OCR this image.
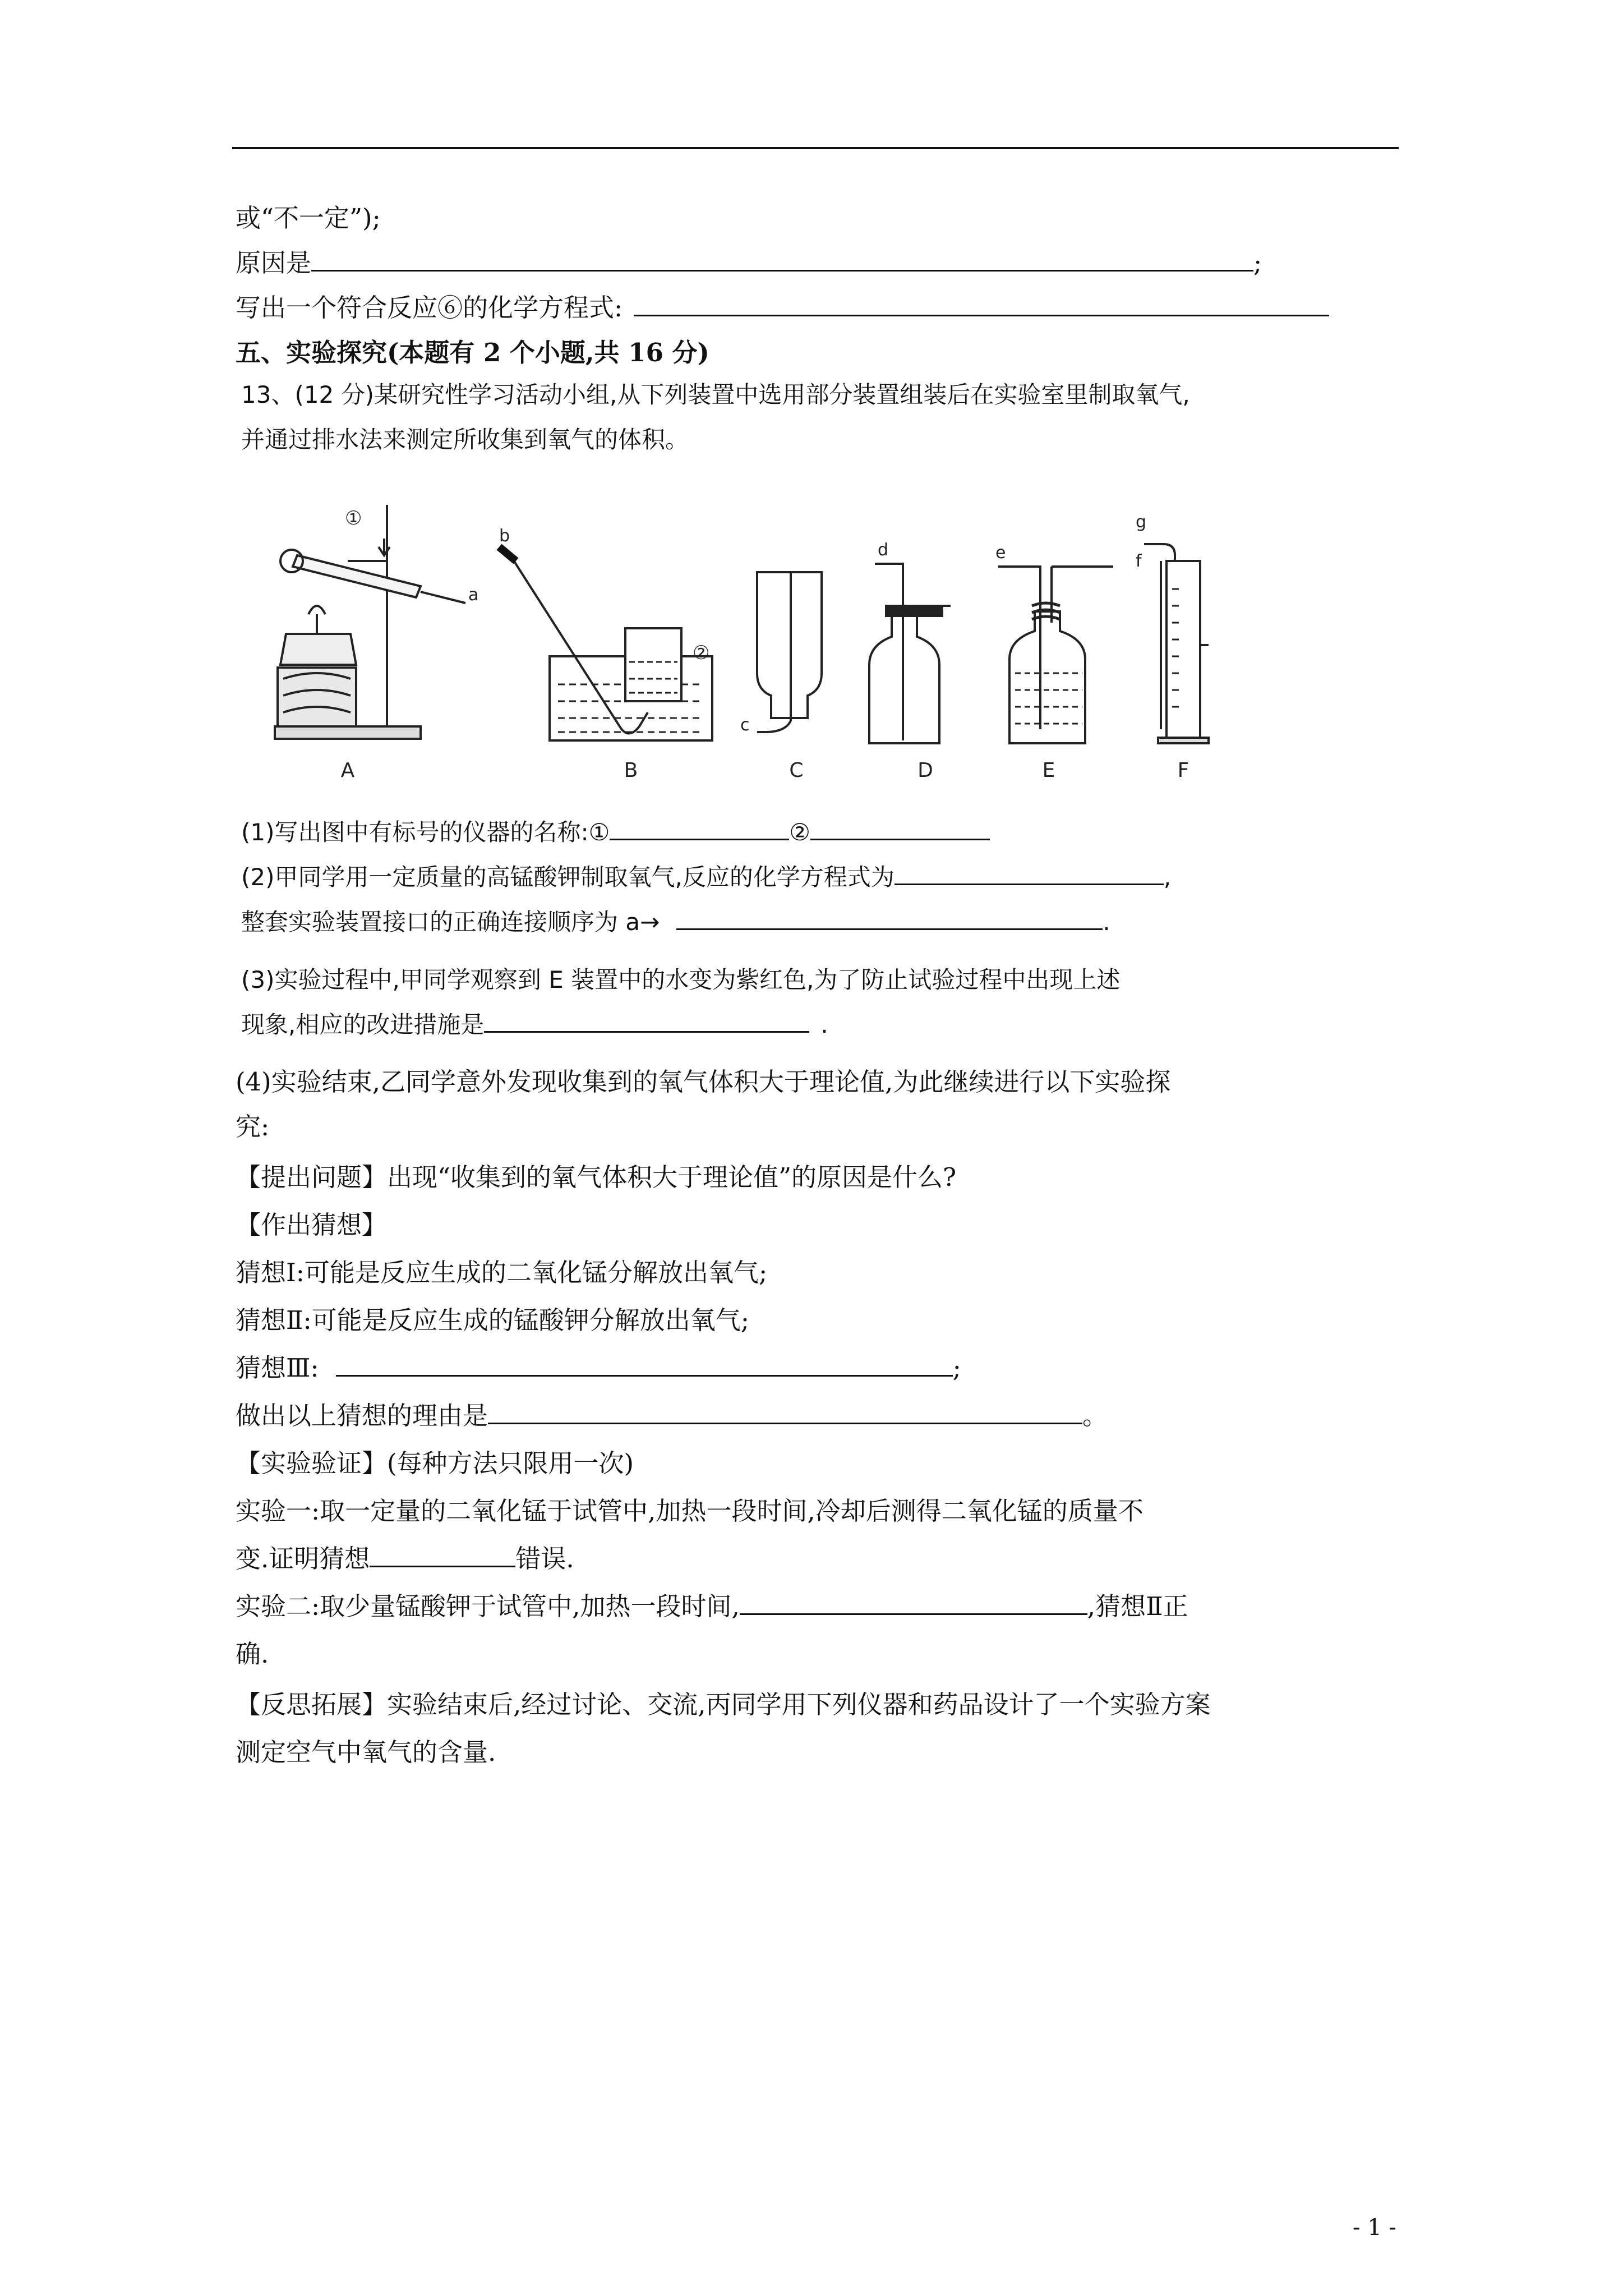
或“不一定”);
原因是	;
写出一个符合反应⑥的化学方程式:
五、实验探究(本题有 2 个小题,共 16 分)
13、(12 分)某研究性学习活动小组,从下列装置中选用部分装置组装后在实验室里制取氧气,
并通过排水法来测定所收集到氧气的体积。
a
b
c
d	e	f
g
①
②
A	B	C	D	E	F
(1)写出图中有标号的仪器的名称:①	②
(2)甲同学用一定质量的高锰酸钾制取氧气,反应的化学方程式为	,
整套实验装置接口的正确连接顺序为 a→	.
(3)实验过程中,甲同学观察到 E 装置中的水变为紫红色,为了防止试验过程中出现上述
现象,相应的改进措施是	.
(4)实验结束,乙同学意外发现收集到的氧气体积大于理论值,为此继续进行以下实验探
究:
【提出问题】出现“收集到的氧气体积大于理论值”的原因是什么?
【作出猜想】
猜想Ⅰ:可能是反应生成的二氧化锰分解放出氧气;
猜想Ⅱ:可能是反应生成的锰酸钾分解放出氧气;
猜想Ⅲ:	;
做出以上猜想的理由是	。
【实验验证】(每种方法只限用一次)
实验一:取一定量的二氧化锰于试管中,加热一段时间,冷却后测得二氧化锰的质量不
变.证明猜想	错误.
实验二:取少量锰酸钾于试管中,加热一段时间,	,猜想Ⅱ正
确.
【反思拓展】实验结束后,经过讨论、交流,丙同学用下列仪器和药品设计了一个实验方案
测定空气中氧气的含量.
- 1 -
